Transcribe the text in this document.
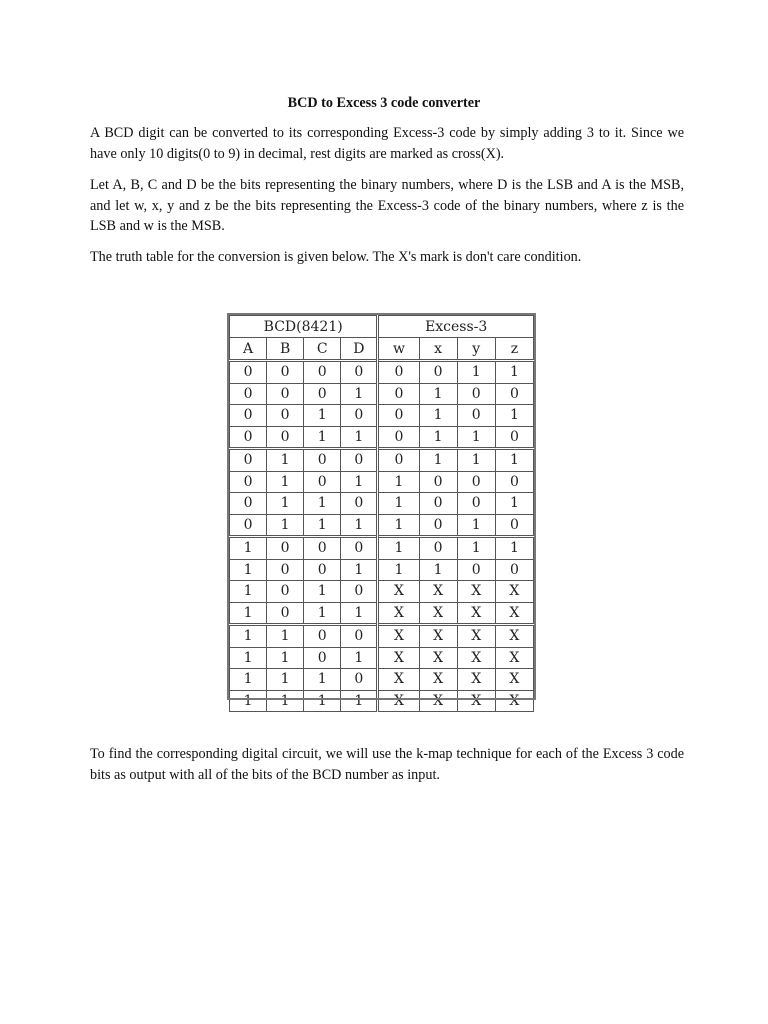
BCD to Excess 3 code converter

A BCD digit can be converted to its corresponding Excess-3 code by simply adding 3 to it. Since we have only 10 digits(0 to 9) in decimal, rest digits are marked as cross(X).

Let A, B, C and D be the bits representing the binary numbers, where D is the LSB and A is the MSB, and let w, x, y and z be the bits representing the Excess-3 code of the binary numbers, where z is the LSB and w is the MSB.

The truth table for the conversion is given below. The X's mark is don't care condition.

BCD(8421)				Excess-3			
A	B	C	D	w	x	y	z
0	0	0	0	0	0	1	1
0	0	0	1	0	1	0	0
0	0	1	0	0	1	0	1
0	0	1	1	0	1	1	0
0	1	0	0	0	1	1	1
0	1	0	1	1	0	0	0
0	1	1	0	1	0	0	1
0	1	1	1	1	0	1	0
1	0	0	0	1	0	1	1
1	0	0	1	1	1	0	0
1	0	1	0	X	X	X	X
1	0	1	1	X	X	X	X
1	1	0	0	X	X	X	X
1	1	0	1	X	X	X	X
1	1	1	0	X	X	X	X
1	1	1	1	X	X	X	X

To find the corresponding digital circuit, we will use the k-map technique for each of the Excess 3 code bits as output with all of the bits of the BCD number as input.
